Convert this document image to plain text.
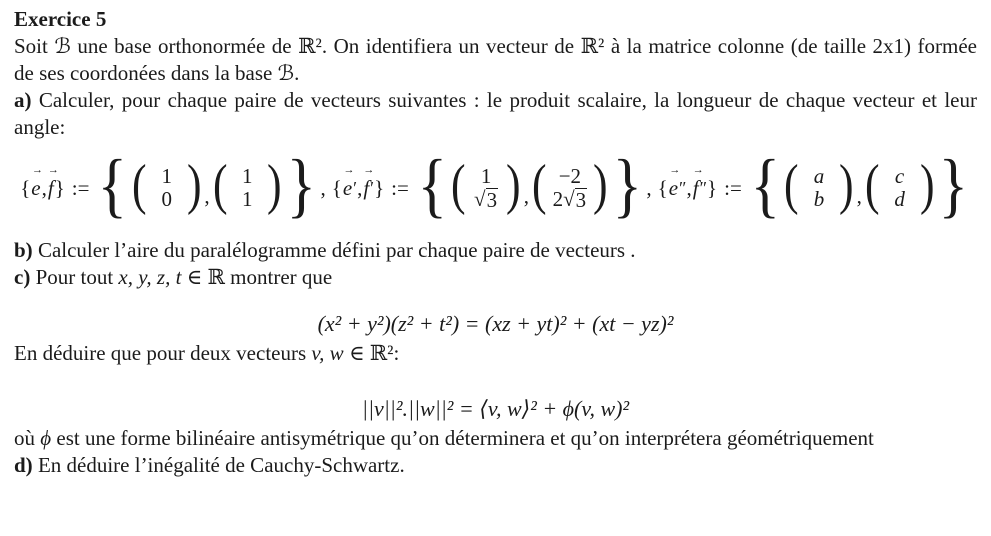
Exercice 5

Soit ℬ une base orthonormée de ℝ². On identifiera un vecteur de ℝ² à la matrice colonne (de taille 2x1) formée de ses coordonées dans la base ℬ.

a) Calculer, pour chaque paire de vecteurs suivantes : le produit scalaire, la longueur de chaque vecteur et leur angle:

{
→
e ,
→
f } := { ( 1
0 ) , ( 1
1 ) } , {
→
e ′ ,
→
f ′ } := { ( 1
√ 3 ) , ( −2
2 √ 3 ) } , {
→
e ″ ,
→
f ″ } := { ( a
b ) , ( c
d ) }

b) Calculer l’aire du paralélogramme défini par chaque paire de vecteurs .

c) Pour tout x, y, z, t ∈ ℝ montrer que

(x² + y²)(z² + t²) = (xz + yt)² + (xt − yz)²

En déduire que pour deux vecteurs v, w ∈ ℝ²:

||v||².||w||² = ⟨v, w⟩² + ϕ(v, w)²

où ϕ est une forme bilinéaire antisymétrique qu’on déterminera et qu’on interprétera géométriquement

d) En déduire l’inégalité de Cauchy-Schwartz.
